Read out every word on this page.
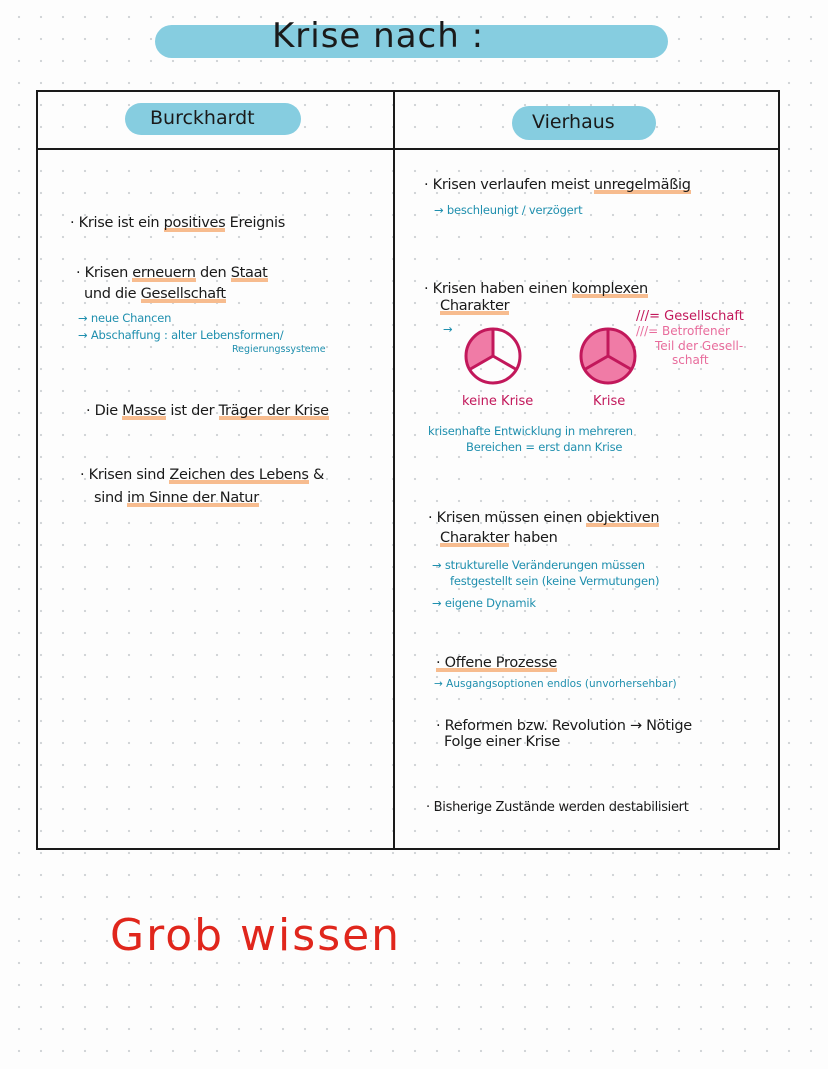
Krise nach :
Burckhardt	Vierhaus
· Krise ist ein positives Ereignis
· Krisen erneuern den Staat
und die Gesellschaft
→ neue Chancen
→ Abschaffung : alter Lebensformen/
Regierungssysteme
· Die Masse ist der Träger der Krise
· Krisen sind Zeichen des Lebens &
sind im Sinne der Natur
· Krisen verlaufen meist unregelmäßig
→ beschleunigt / verzögert
· Krisen haben einen komplexen
Charakter
→
///= Gesellschaft
///= Betroffener
Teil der Gesell-
schaft
keine Krise	Krise
krisenhafte Entwicklung in mehreren
Bereichen = erst dann Krise
· Krisen müssen einen objektiven
Charakter haben
→ strukturelle Veränderungen müssen
festgestellt sein (keine Vermutungen)
→ eigene Dynamik
· Offene Prozesse
→ Ausgangsoptionen endlos (unvorhersehbar)
· Reformen bzw. Revolution → Nötige
Folge einer Krise
· Bisherige Zustände werden destabilisiert
Grob wissen
